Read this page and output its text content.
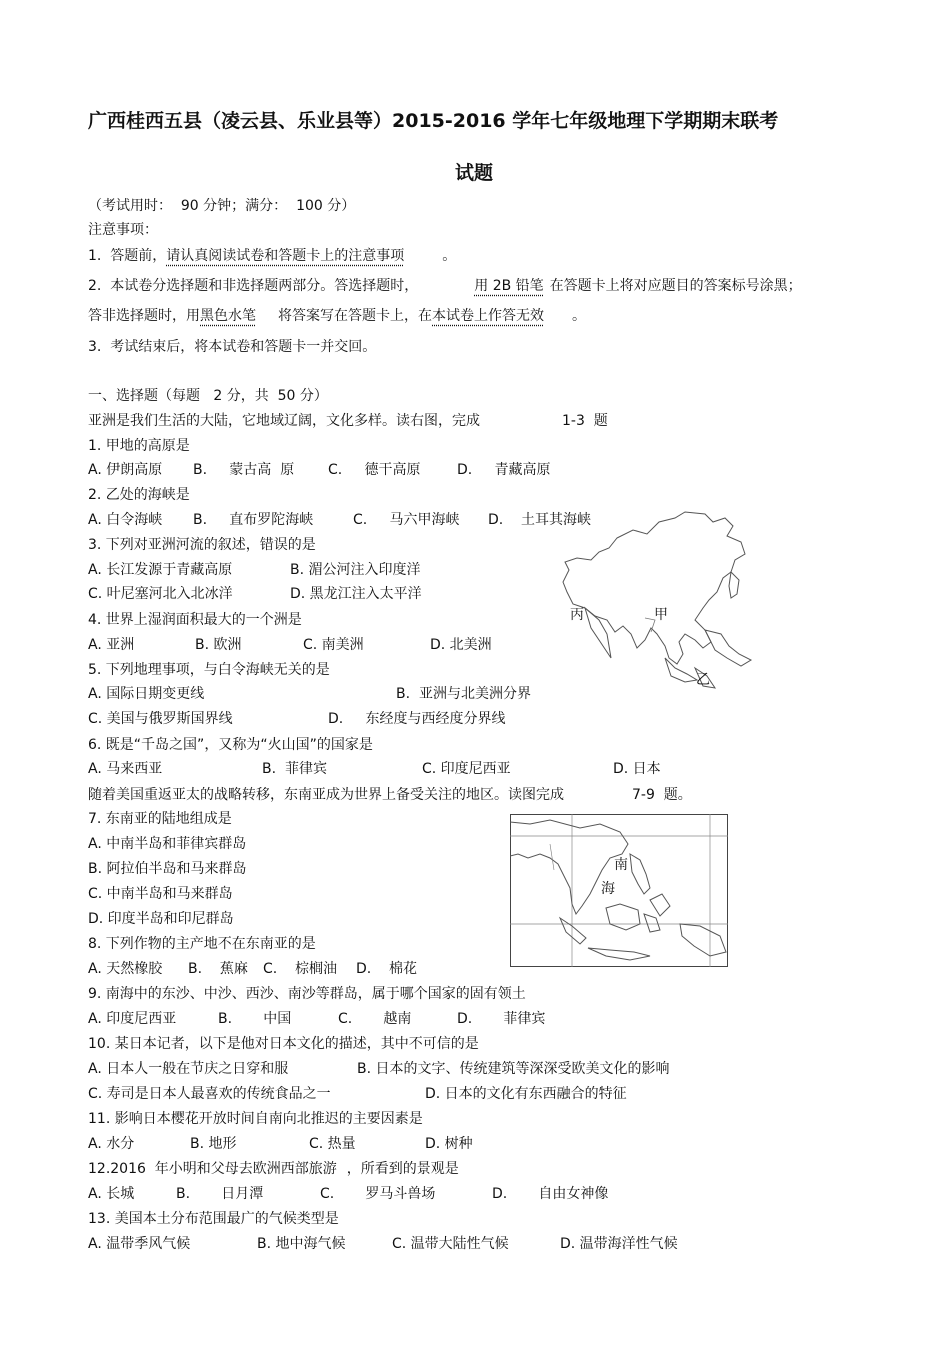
广西桂西五县（凌云县、乐业县等）2015-2016 学年七年级地理下学期期末联考
试题
（考试用时：  90 分钟；满分：  100 分）
注意事项：
1.  答题前，请认真阅读试卷和答题卡上的注意事项	。
2.  本试卷分选择题和非选择题两部分。答选择题时，	用 2B 铅笔 在答题卡上将对应题目的答案标号涂黑；
答非选择题时，用黑色水笔 将答案写在答题卡上，在本试卷上作答无效 。
3.  考试结束后，将本试卷和答题卡一并交回。
一、选择题（每题   2 分，共  50 分）
亚洲是我们生活的大陆，它地域辽阔，文化多样。读右图，完成	1-3  题
1. 甲地的高原是
A. 伊朗高原 B.     蒙古高  原 C.     德干高原	D.     青藏高原
2. 乙处的海峡是
A. 白令海峡 B.     直布罗陀海峡	C.     马六甲海峡 D.    土耳其海峡
3. 下列对亚洲河流的叙述，错误的是
A. 长江发源于青藏高原	B. 湄公河注入印度洋
C. 叶尼塞河北入北冰洋	D. 黑龙江注入太平洋
4. 世界上湿润面积最大的一个洲是
A. 亚洲	B. 欧洲	C. 南美洲	D. 北美洲
5. 下列地理事项，与白令海峡无关的是
A. 国际日期变更线	B.  亚洲与北美洲分界
C. 美国与俄罗斯国界线	D.     东经度与西经度分界线
6. 既是“千岛之国”，又称为“火山国”的国家是
A. 马来西亚	B.  菲律宾	C. 印度尼西亚	D. 日本
随着美国重返亚太的战略转移，东南亚成为世界上备受关注的地区。读图完成	7-9  题。
7. 东南亚的陆地组成是
A. 中南半岛和菲律宾群岛
B. 阿拉伯半岛和马来群岛
C. 中南半岛和马来群岛
D. 印度半岛和印尼群岛
8. 下列作物的主产地不在东南亚的是
A. 天然橡胶 B.    蕉麻 C.    棕榈油 D.    棉花
9. 南海中的东沙、中沙、西沙、南沙等群岛，属于哪个国家的固有领土
A. 印度尼西亚	B.       中国	C.       越南	D.       菲律宾
10. 某日本记者，以下是他对日本文化的描述，其中不可信的是
A. 日本人一般在节庆之日穿和服	B. 日本的文字、传统建筑等深深受欧美文化的影响
C. 寿司是日本人最喜欢的传统食品之一	D. 日本的文化有东西融合的特征
11. 影响日本樱花开放时间自南向北推迟的主要因素是
A. 水分	B. 地形	C. 热量	D. 树种
12.2016  年小明和父母去欧洲西部旅游 ，所看到的景观是
A. 长城	B.       日月潭	C.       罗马斗兽场	D.       自由女神像
13. 美国本土分布范围最广的气候类型是
A. 温带季风气候	B. 地中海气候	C. 温带大陆性气候	D. 温带海洋性气候
丙	甲
乙
南
海
